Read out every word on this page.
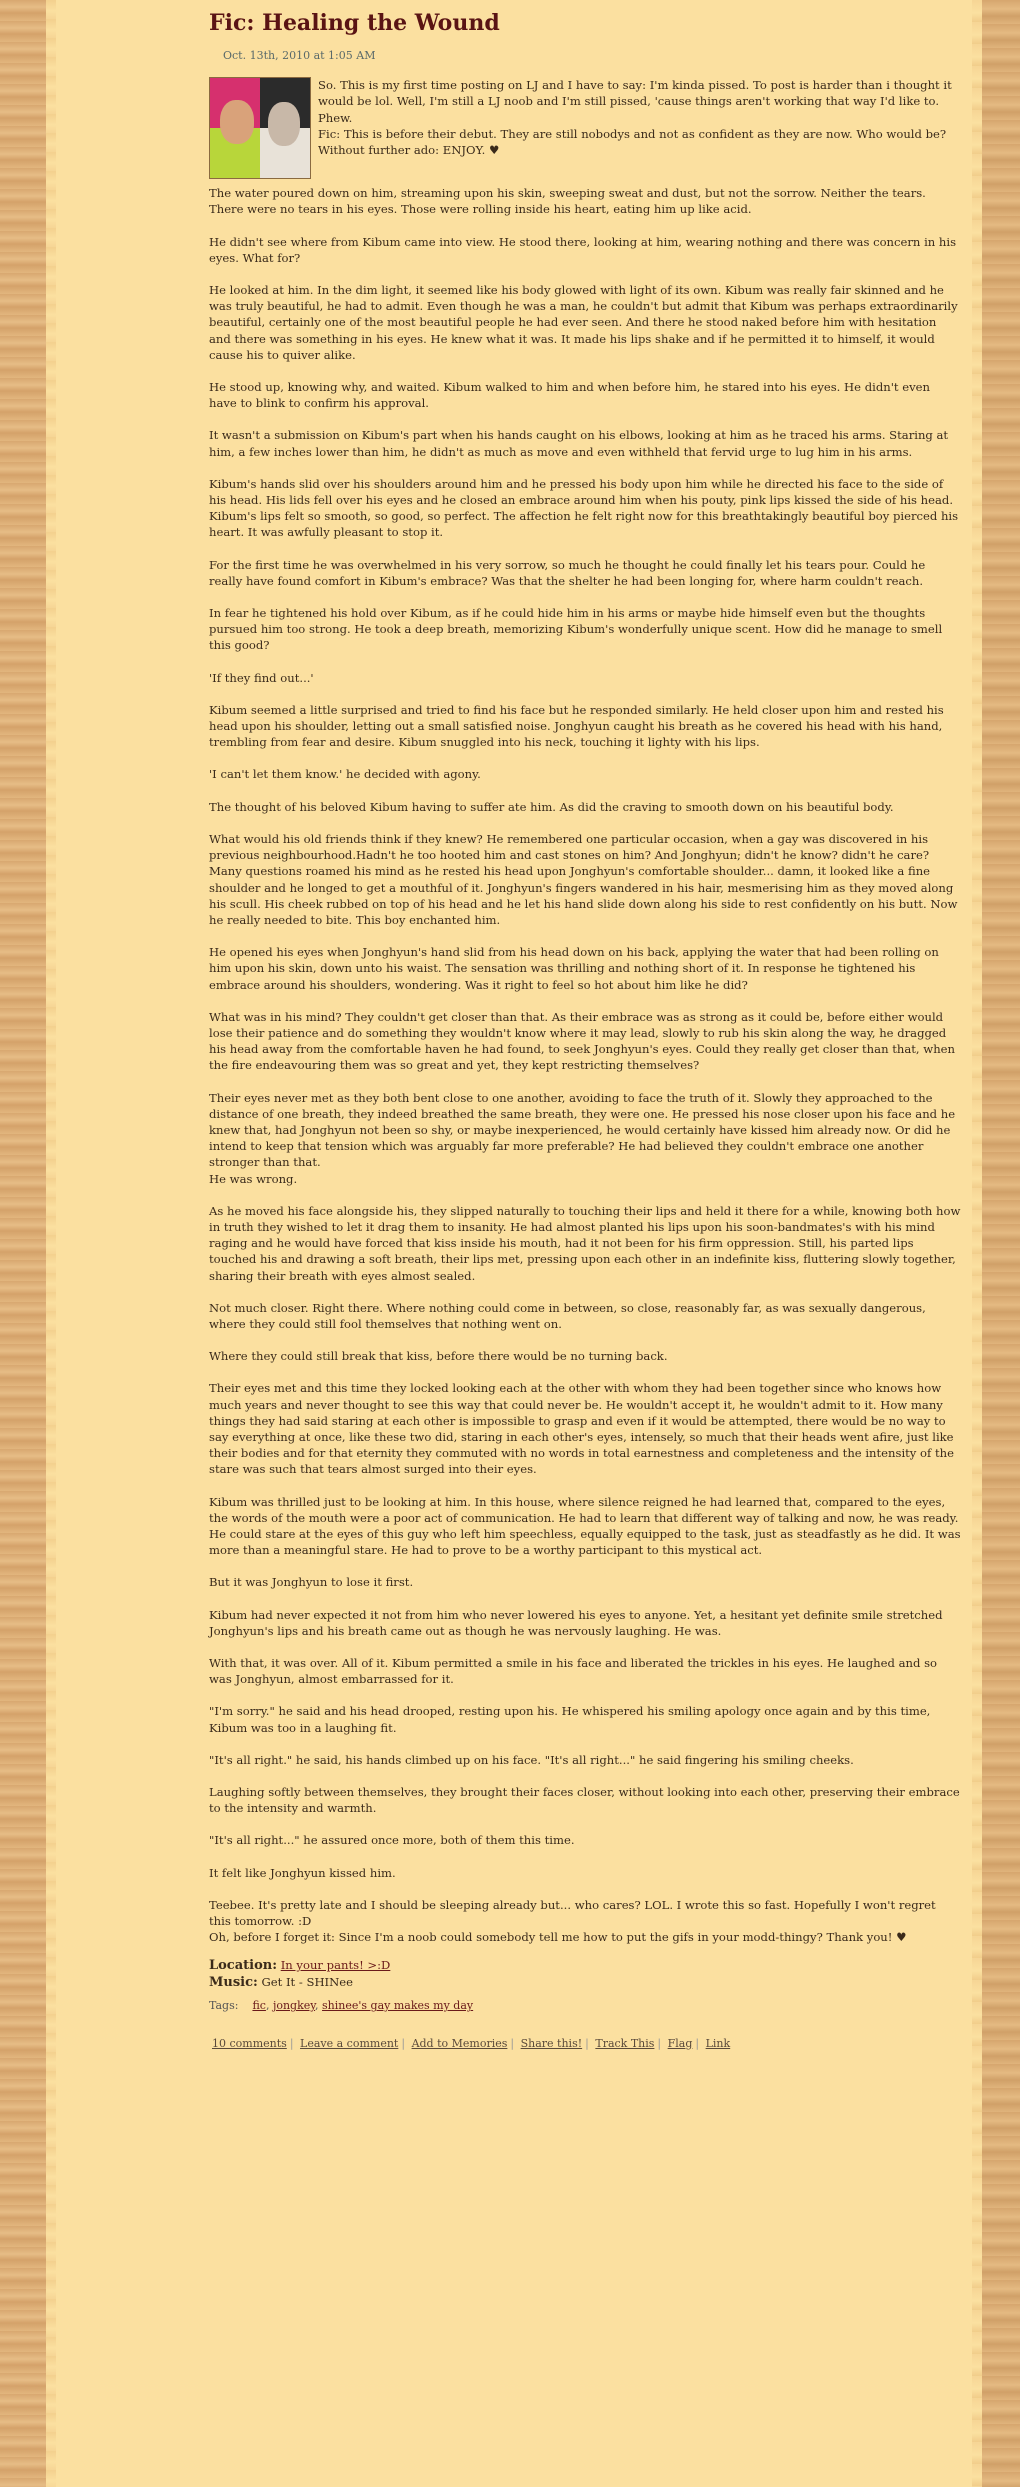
Fic: Healing the Wound
Oct. 13th, 2010 at 1:05 AM

So. This is my first time posting on LJ and I have to say: I'm kinda pissed. To post is harder than i thought it would be lol. Well, I'm still a LJ noob and I'm still pissed, 'cause things aren't working that way I'd like to. Phew.

Fic: This is before their debut. They are still nobodys and not as confident as they are now. Who would be?

Without further ado: ENJOY. ♥

The water poured down on him, streaming upon his skin, sweeping sweat and dust, but not the sorrow. Neither the tears. There were no tears in his eyes. Those were rolling inside his heart, eating him up like acid.

He didn't see where from Kibum came into view. He stood there, looking at him, wearing nothing and there was concern in his eyes. What for?

He looked at him. In the dim light, it seemed like his body glowed with light of its own. Kibum was really fair skinned and he was truly beautiful, he had to admit. Even though he was a man, he couldn't but admit that Kibum was perhaps extraordinarily beautiful, certainly one of the most beautiful people he had ever seen. And there he stood naked before him with hesitation and there was something in his eyes. He knew what it was. It made his lips shake and if he permitted it to himself, it would cause his to quiver alike.

He stood up, knowing why, and waited. Kibum walked to him and when before him, he stared into his eyes. He didn't even have to blink to confirm his approval.

It wasn't a submission on Kibum's part when his hands caught on his elbows, looking at him as he traced his arms. Staring at him, a few inches lower than him, he didn't as much as move and even withheld that fervid urge to lug him in his arms.

Kibum's hands slid over his shoulders around him and he pressed his body upon him while he directed his face to the side of his head. His lids fell over his eyes and he closed an embrace around him when his pouty, pink lips kissed the side of his head. Kibum's lips felt so smooth, so good, so perfect. The affection he felt right now for this breathtakingly beautiful boy pierced his heart. It was awfully pleasant to stop it.

For the first time he was overwhelmed in his very sorrow, so much he thought he could finally let his tears pour. Could he really have found comfort in Kibum's embrace? Was that the shelter he had been longing for, where harm couldn't reach.

In fear he tightened his hold over Kibum, as if he could hide him in his arms or maybe hide himself even but the thoughts pursued him too strong. He took a deep breath, memorizing Kibum's wonderfully unique scent. How did he manage to smell this good?

'If they find out...'

Kibum seemed a little surprised and tried to find his face but he responded similarly. He held closer upon him and rested his head upon his shoulder, letting out a small satisfied noise. Jonghyun caught his breath as he covered his head with his hand, trembling from fear and desire. Kibum snuggled into his neck, touching it lighty with his lips.

'I can't let them know.' he decided with agony.

The thought of his beloved Kibum having to suffer ate him. As did the craving to smooth down on his beautiful body.

What would his old friends think if they knew? He remembered one particular occasion, when a gay was discovered in his previous neighbourhood.Hadn't he too hooted him and cast stones on him? And Jonghyun; didn't he know? didn't he care?
Many questions roamed his mind as he rested his head upon Jonghyun's comfortable shoulder... damn, it looked like a fine shoulder and he longed to get a mouthful of it. Jonghyun's fingers wandered in his hair, mesmerising him as they moved along his scull. His cheek rubbed on top of his head and he let his hand slide down along his side to rest confidently on his butt. Now he really needed to bite. This boy enchanted him.

He opened his eyes when Jonghyun's hand slid from his head down on his back, applying the water that had been rolling on him upon his skin, down unto his waist. The sensation was thrilling and nothing short of it. In response he tightened his embrace around his shoulders, wondering. Was it right to feel so hot about him like he did?

What was in his mind? They couldn't get closer than that. As their embrace was as strong as it could be, before either would lose their patience and do something they wouldn't know where it may lead, slowly to rub his skin along the way, he dragged his head away from the comfortable haven he had found, to seek Jonghyun's eyes. Could they really get closer than that, when the fire endeavouring them was so great and yet, they kept restricting themselves?

Their eyes never met as they both bent close to one another, avoiding to face the truth of it. Slowly they approached to the distance of one breath, they indeed breathed the same breath, they were one. He pressed his nose closer upon his face and he knew that, had Jonghyun not been so shy, or maybe inexperienced, he would certainly have kissed him already now. Or did he intend to keep that tension which was arguably far more preferable? He had believed they couldn't embrace one another stronger than that.
He was wrong.

As he moved his face alongside his, they slipped naturally to touching their lips and held it there for a while, knowing both how in truth they wished to let it drag them to insanity. He had almost planted his lips upon his soon-bandmates's with his mind raging and he would have forced that kiss inside his mouth, had it not been for his firm oppression. Still, his parted lips touched his and drawing a soft breath, their lips met, pressing upon each other in an indefinite kiss, fluttering slowly together, sharing their breath with eyes almost sealed.

Not much closer. Right there. Where nothing could come in between, so close, reasonably far, as was sexually dangerous, where they could still fool themselves that nothing went on.

Where they could still break that kiss, before there would be no turning back.

Their eyes met and this time they locked looking each at the other with whom they had been together since who knows how much years and never thought to see this way that could never be. He wouldn't accept it, he wouldn't admit to it. How many things they had said staring at each other is impossible to grasp and even if it would be attempted, there would be no way to say everything at once, like these two did, staring in each other's eyes, intensely, so much that their heads went afire, just like their bodies and for that eternity they commuted with no words in total earnestness and completeness and the intensity of the stare was such that tears almost surged into their eyes.

Kibum was thrilled just to be looking at him. In this house, where silence reigned he had learned that, compared to the eyes, the words of the mouth were a poor act of communication. He had to learn that different way of talking and now, he was ready. He could stare at the eyes of this guy who left him speechless, equally equipped to the task, just as steadfastly as he did. It was more than a meaningful stare. He had to prove to be a worthy participant to this mystical act.

But it was Jonghyun to lose it first.

Kibum had never expected it not from him who never lowered his eyes to anyone. Yet, a hesitant yet definite smile stretched Jonghyun's lips and his breath came out as though he was nervously laughing. He was.

With that, it was over. All of it. Kibum permitted a smile in his face and liberated the trickles in his eyes. He laughed and so was Jonghyun, almost embarrassed for it.

"I'm sorry." he said and his head drooped, resting upon his. He whispered his smiling apology once again and by this time, Kibum was too in a laughing fit.

"It's all right." he said, his hands climbed up on his face. "It's all right..." he said fingering his smiling cheeks.

Laughing softly between themselves, they brought their faces closer, without looking into each other, preserving their embrace to the intensity and warmth.

"It's all right..." he assured once more, both of them this time.

It felt like Jonghyun kissed him.

Teebee. It's pretty late and I should be sleeping already but... who cares? LOL. I wrote this so fast. Hopefully I won't regret this tomorrow. :D
Oh, before I forget it: Since I'm a noob could somebody tell me how to put the gifs in your modd-thingy? Thank you! ♥

Location: In your pants! >:D

Music: Get It - SHINee

Tags: fic, jongkey, shinee's gay makes my day
10 comments | Leave a comment | Add to Memories | Share this! | Track This | Flag | Link
